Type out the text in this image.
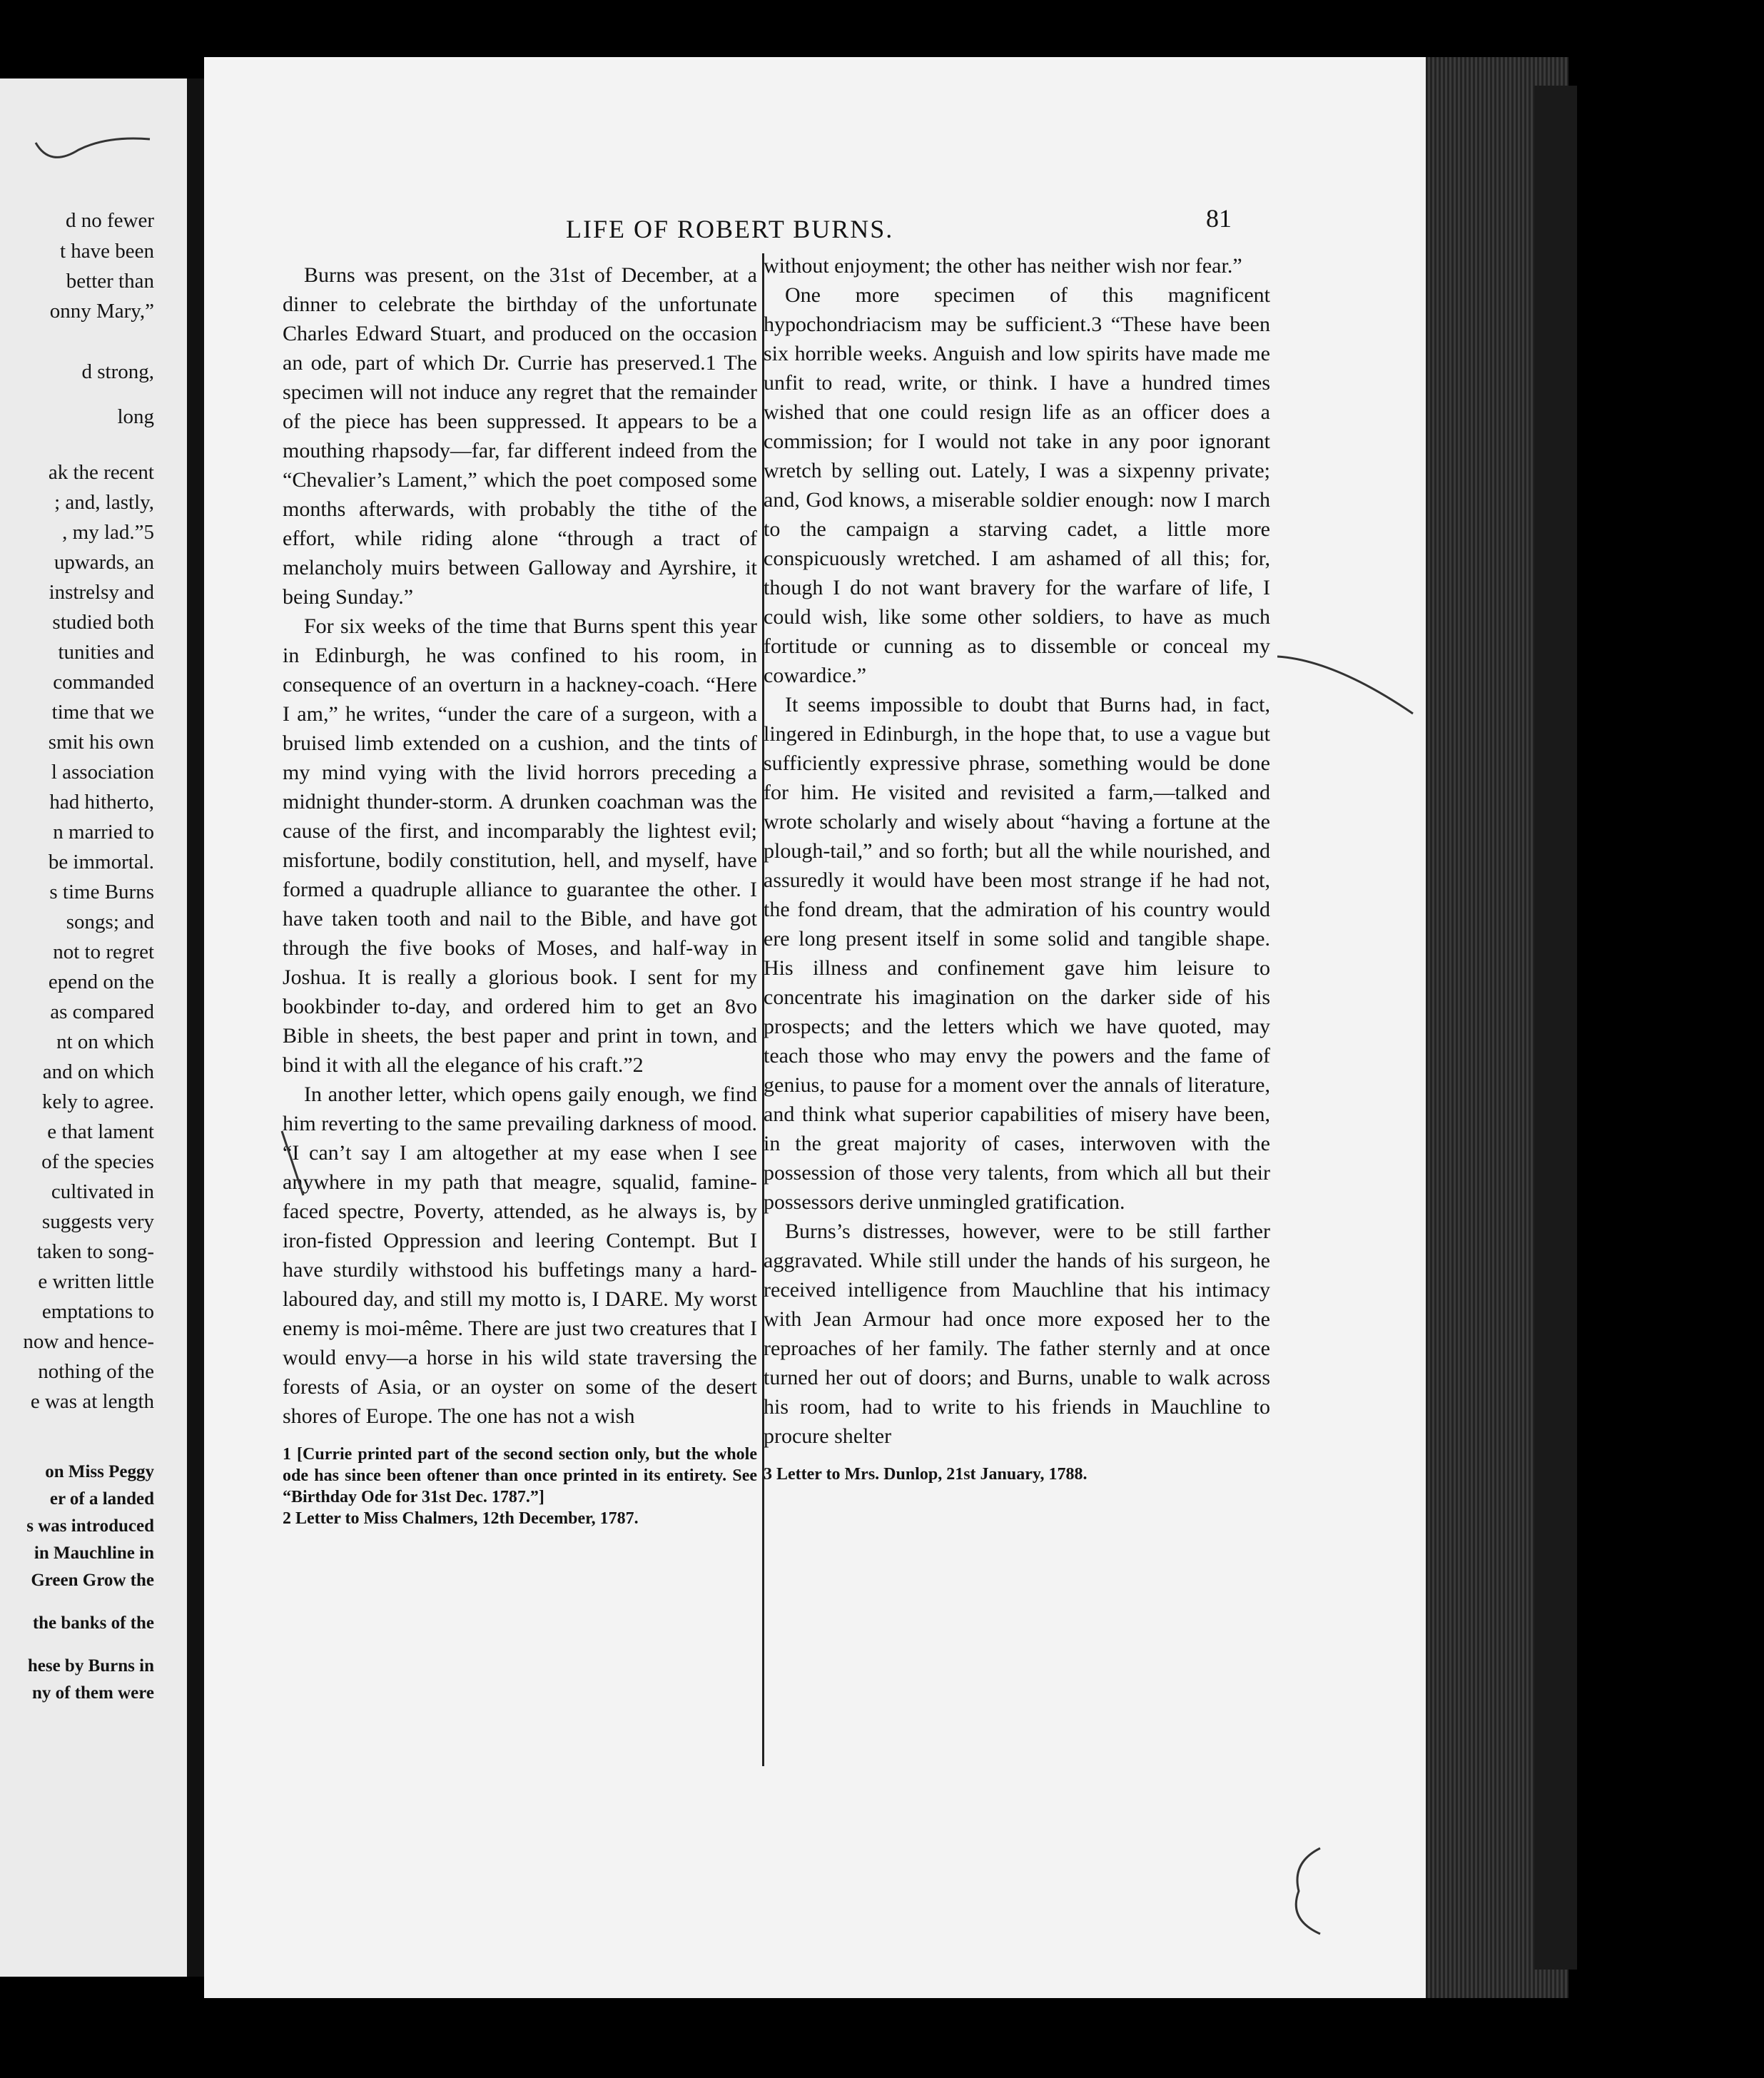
d no fewer
t have been
better than
onny Mary,”
d strong,
long
ak the recent
; and, lastly,
, my lad.”5
upwards, an
instrelsy and
studied both
tunities and
commanded
time that we
smit his own
l association
had hitherto,
n married to
be immortal.
s time Burns
songs; and
not to regret
epend on the
as compared
nt on which
and on which
kely to agree.
e that lament
of the species
cultivated in
suggests very
taken to song-
e written little
emptations to
now and hence-
nothing of the
e was at length
on Miss Peggy
er of a landed
s was introduced
in Mauchline in
Green Grow the
the banks of the
hese by Burns in
ny of them were
LIFE OF ROBERT BURNS.	81

Burns was present, on the 31st of December, at a dinner to celebrate the birthday of the unfortunate Charles Edward Stuart, and produced on the occasion an ode, part of which Dr. Currie has preserved.1 The specimen will not induce any regret that the remainder of the piece has been suppressed. It appears to be a mouthing rhapsody—far, far different indeed from the “Chevalier’s Lament,” which the poet composed some months afterwards, with probably the tithe of the effort, while riding alone “through a tract of melancholy muirs between Galloway and Ayrshire, it being Sunday.”

For six weeks of the time that Burns spent this year in Edinburgh, he was confined to his room, in consequence of an overturn in a hackney-coach. “Here I am,” he writes, “under the care of a surgeon, with a bruised limb extended on a cushion, and the tints of my mind vying with the livid horrors preceding a midnight thunder-storm. A drunken coachman was the cause of the first, and incomparably the lightest evil; misfortune, bodily constitution, hell, and myself, have formed a quadruple alliance to guarantee the other. I have taken tooth and nail to the Bible, and have got through the five books of Moses, and half-way in Joshua. It is really a glorious book. I sent for my bookbinder to-day, and ordered him to get an 8vo Bible in sheets, the best paper and print in town, and bind it with all the elegance of his craft.”2

In another letter, which opens gaily enough, we find him reverting to the same prevailing darkness of mood. “I can’t say I am altogether at my ease when I see anywhere in my path that meagre, squalid, famine-faced spectre, Poverty, attended, as he always is, by iron-fisted Oppression and leering Contempt. But I have sturdily withstood his buffetings many a hard-laboured day, and still my motto is, I DARE. My worst enemy is moi-même. There are just two creatures that I would envy—a horse in his wild state traversing the forests of Asia, or an oyster on some of the desert shores of Europe. The one has not a wish

1 [Currie printed part of the second section only, but the whole ode has since been oftener than once printed in its entirety. See “Birthday Ode for 31st Dec. 1787.”]

2 Letter to Miss Chalmers, 12th December, 1787.

without enjoyment; the other has neither wish nor fear.”

One more specimen of this magnificent hypochondriacism may be sufficient.3 “These have been six horrible weeks. Anguish and low spirits have made me unfit to read, write, or think. I have a hundred times wished that one could resign life as an officer does a commission; for I would not take in any poor ignorant wretch by selling out. Lately, I was a sixpenny private; and, God knows, a miserable soldier enough: now I march to the campaign a starving cadet, a little more conspicuously wretched. I am ashamed of all this; for, though I do not want bravery for the warfare of life, I could wish, like some other soldiers, to have as much fortitude or cunning as to dissemble or conceal my cowardice.”

It seems impossible to doubt that Burns had, in fact, lingered in Edinburgh, in the hope that, to use a vague but sufficiently expressive phrase, something would be done for him. He visited and revisited a farm,—talked and wrote scholarly and wisely about “having a fortune at the plough-tail,” and so forth; but all the while nourished, and assuredly it would have been most strange if he had not, the fond dream, that the admiration of his country would ere long present itself in some solid and tangible shape. His illness and confinement gave him leisure to concentrate his imagination on the darker side of his prospects; and the letters which we have quoted, may teach those who may envy the powers and the fame of genius, to pause for a moment over the annals of literature, and think what superior capabilities of misery have been, in the great majority of cases, interwoven with the possession of those very talents, from which all but their possessors derive unmingled gratification.

Burns’s distresses, however, were to be still farther aggravated. While still under the hands of his surgeon, he received intelligence from Mauchline that his intimacy with Jean Armour had once more exposed her to the reproaches of her family. The father sternly and at once turned her out of doors; and Burns, unable to walk across his room, had to write to his friends in Mauchline to procure shelter

3 Letter to Mrs. Dunlop, 21st January, 1788.
